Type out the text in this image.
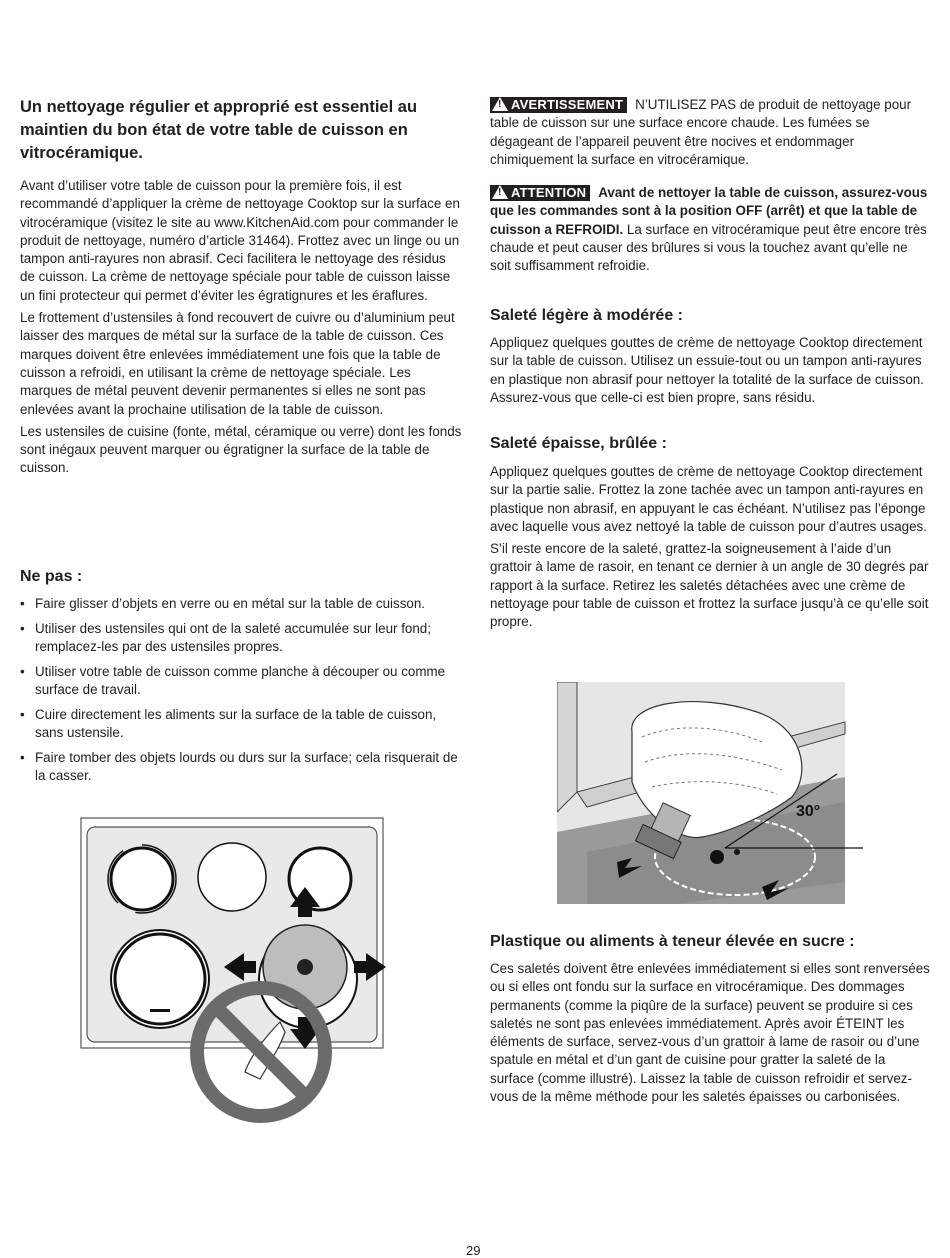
Un nettoyage régulier et approprié est essentiel au maintien du bon état de votre table de cuisson en vitrocéramique.

Avant d’utiliser votre table de cuisson pour la première fois, il est recommandé d’appliquer la crème de nettoyage Cooktop sur la surface en vitrocéramique (visitez le site au www.KitchenAid.com pour commander le produit de nettoyage, numéro d’article 31464). Frottez avec un linge ou un tampon anti-rayures non abrasif. Ceci facilitera le nettoyage des résidus de cuisson. La crème de nettoyage spéciale pour table de cuisson laisse un fini protecteur qui permet d’éviter les égratignures et les éraflures.

Le frottement d’ustensiles à fond recouvert de cuivre ou d’aluminium peut laisser des marques de métal sur la surface de la table de cuisson. Ces marques doivent être enlevées immédiatement une fois que la table de cuisson a refroidi, en utilisant la crème de nettoyage spéciale. Les marques de métal peuvent devenir permanentes si elles ne sont pas enlevées avant la prochaine utilisation de la table de cuisson.

Les ustensiles de cuisine (fonte, métal, céramique ou verre) dont les fonds sont inégaux peuvent marquer ou égratigner la surface de la table de cuisson.

Ne pas :
• Faire glisser d’objets en verre ou en métal sur la table de cuisson.
• Utiliser des ustensiles qui ont de la saleté accumulée sur leur fond; remplacez-les par des ustensiles propres.
• Utiliser votre table de cuisson comme planche à découper ou comme surface de travail.
• Cuire directement les aliments sur la surface de la table de cuisson, sans ustensile.
• Faire tomber des objets lourds ou durs sur la surface; cela risquerait de la casser.

! AVERTISSEMENT N’UTILISEZ PAS de produit de nettoyage pour table de cuisson sur une surface encore chaude. Les fumées se dégageant de l’appareil peuvent être nocives et endommager chimiquement la surface en vitrocéramique.

! ATTENTION Avant de nettoyer la table de cuisson, assurez-vous que les commandes sont à la position OFF (arrêt) et que la table de cuisson a REFROIDI. La surface en vitrocéramique peut être encore très chaude et peut causer des brûlures si vous la touchez avant qu’elle ne soit suffisamment refroidie.

Saleté légère à modérée :

Appliquez quelques gouttes de crème de nettoyage Cooktop directement sur la table de cuisson. Utilisez un essuie-tout ou un tampon anti-rayures en plastique non abrasif pour nettoyer la totalité de la surface de cuisson. Assurez-vous que celle-ci est bien propre, sans résidu.

Saleté épaisse, brûlée :

Appliquez quelques gouttes de crème de nettoyage Cooktop directement sur la partie salie. Frottez la zone tachée avec un tampon anti-rayures en plastique non abrasif, en appuyant le cas échéant. N’utilisez pas l’éponge avec laquelle vous avez nettoyé la table de cuisson pour d’autres usages.

S’il reste encore de la saleté, grattez-la soigneusement à l’aide d’un grattoir à lame de rasoir, en tenant ce dernier à un angle de 30 degrés par rapport à la surface. Retirez les saletés détachées avec une crème de nettoyage pour table de cuisson et frottez la surface jusqu’à ce qu’elle soit propre.

30°
Plastique ou aliments à teneur élevée en sucre :

Ces saletés doivent être enlevées immédiatement si elles sont renversées ou si elles ont fondu sur la surface en vitrocéramique. Des dommages permanents (comme la piqûre de la surface) peuvent se produire si ces saletés ne sont pas enlevées immédiatement. Après avoir ÉTEINT les éléments de surface, servez-vous d’un grattoir à lame de rasoir ou d’une spatule en métal et d’un gant de cuisine pour gratter la saleté de la surface (comme illustré). Laissez la table de cuisson refroidir et servez-vous de la même méthode pour les saletés épaisses ou carbonisées.

29
